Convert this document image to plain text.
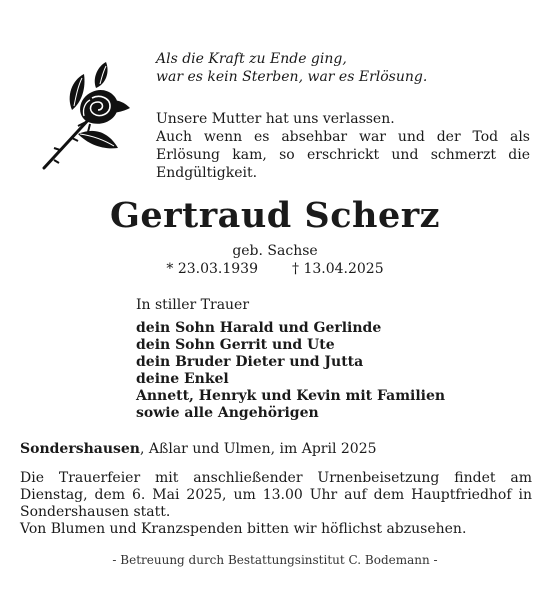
Als die Kraft zu Ende ging,
war es kein Sterben, war es Erlösung.

Unsere Mutter hat uns verlassen.

Auch wenn es absehbar war und der Tod als Erlösung kam, so erschrickt und schmerzt die Endgültigkeit.

Gertraud Scherz
geb. Sachse
* 23.03.1939 † 13.04.2025
In stiller Trauer
dein Sohn Harald und Gerlinde
dein Sohn Gerrit und Ute
dein Bruder Dieter und Jutta
deine Enkel
Annett, Henryk und Kevin mit Familien
sowie alle Angehörigen
Sondershausen, Aßlar und Ulmen, im April 2025

Die Trauerfeier mit anschließender Urnenbeisetzung findet am Dienstag, dem 6. Mai 2025, um 13.00 Uhr auf dem Hauptfriedhof in Sondershausen statt.

Von Blumen und Kranzspenden bitten wir höflichst abzusehen.

- Betreuung durch Bestattungsinstitut C. Bodemann -
